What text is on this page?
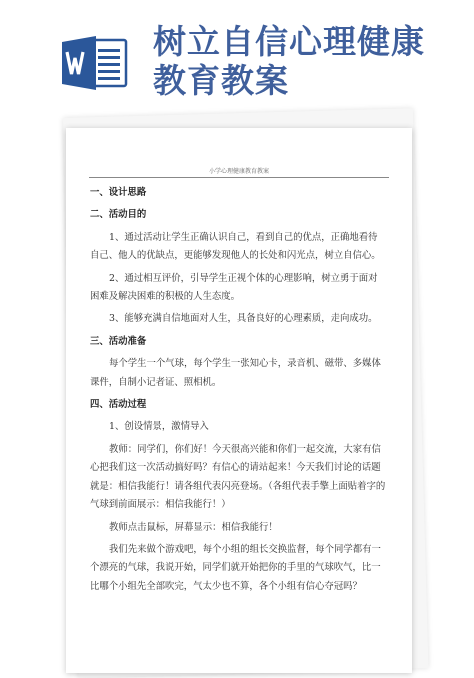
树立自信心理健康
教育教案
小学心理健康教育教案
一、设计思路
二、活动目的

1、通过活动让学生正确认识自己，看到自己的优点，正确地看待自己、他人的优缺点，更能够发现他人的长处和闪光点，树立自信心。

2、通过相互评价，引导学生正视个体的心理影响，树立勇于面对困难及解决困难的积极的人生态度。

3、能够充满自信地面对人生，具备良好的心理素质，走向成功。

三、活动准备

每个学生一个气球，每个学生一张知心卡，录音机、磁带、多媒体课件，自制小记者证、照相机。

四、活动过程

1、创设情景，激情导入

教师：同学们，你们好！今天很高兴能和你们一起交流，大家有信心把我们这一次活动搞好吗？有信心的请站起来！今天我们讨论的话题就是：相信我能行！请各组代表闪亮登场。（各组代表手擎上面贴着字的气球到前面展示：相信我能行！）

教师点击鼠标，屏幕显示：相信我能行！

我们先来做个游戏吧，每个小组的组长交换监督，每个同学都有一个漂亮的气球，我说开始，同学们就开始把你的手里的气球吹气，比一比哪个小组先全部吹完，气太少也不算，各个小组有信心夺冠吗？
